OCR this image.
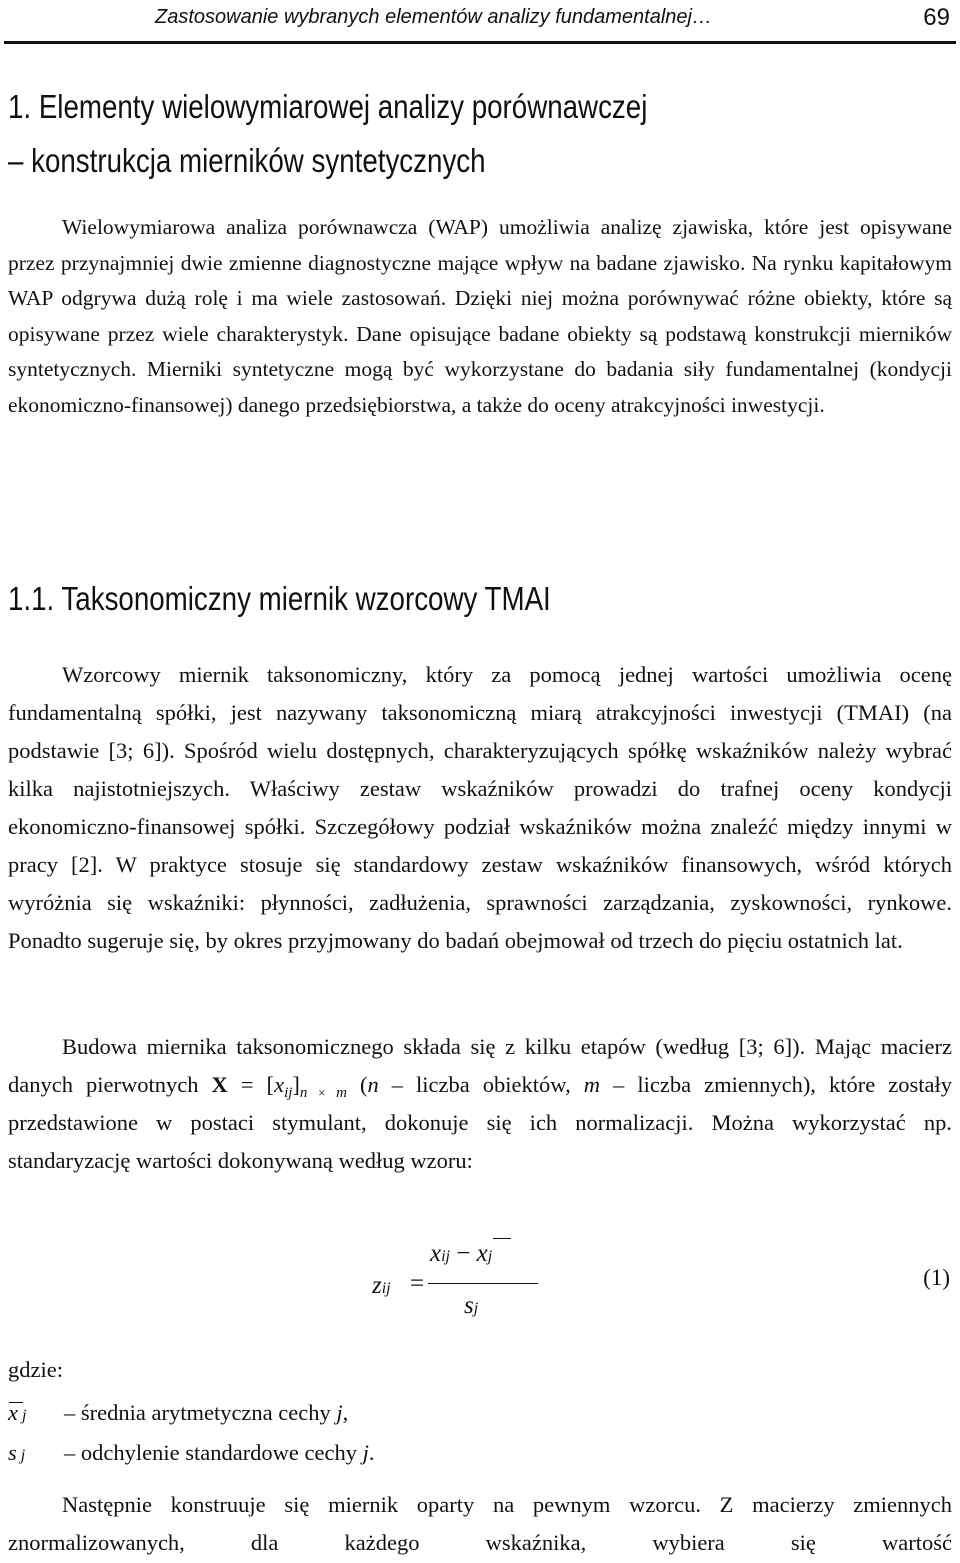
Zastosowanie wybranych elementów analizy fundamentalnej…	69
1. Elementy wielowymiarowej analizy porównawczej
– konstrukcja mierników syntetycznych
Wielowymiarowa analiza porównawcza (WAP) umożliwia analizę zjawiska, które jest opisywane przez przynajmniej dwie zmienne diagnostyczne mające wpływ na badane zjawisko. Na rynku kapitałowym WAP odgrywa dużą rolę i ma wiele zastosowań. Dzięki niej można porównywać różne obiekty, które są opisywane przez wiele charakterystyk. Dane opisujące badane obiekty są podstawą konstrukcji mierników syntetycznych. Mierniki syntetyczne mogą być wykorzystane do badania siły fundamentalnej (kondycji ekonomiczno-finansowej) danego przedsiębiorstwa, a także do oceny atrakcyjności inwestycji.
1.1. Taksonomiczny miernik wzorcowy TMAI
Wzorcowy miernik taksonomiczny, który za pomocą jednej wartości umożliwia ocenę fundamentalną spółki, jest nazywany taksonomiczną miarą atrakcyjności inwestycji (TMAI) (na podstawie [3; 6]). Spośród wielu dostępnych, charakteryzujących spółkę wskaźników należy wybrać kilka najistotniejszych. Właściwy zestaw wskaźników prowadzi do trafnej oceny kondycji ekonomiczno-finansowej spółki. Szczegółowy podział wskaźników można znaleźć między innymi w pracy [2]. W praktyce stosuje się standardowy zestaw wskaźników finansowych, wśród których wyróżnia się wskaźniki: płynności, zadłużenia, sprawności zarządzania, zyskowności, rynkowe. Ponadto sugeruje się, by okres przyjmowany do badań obejmował od trzech do pięciu ostatnich lat.
Budowa miernika taksonomicznego składa się z kilku etapów (według [3; 6]). Mając macierz danych pierwotnych $X = [x_{ij}]_{n \times m}$ (n – liczba obiektów, m – liczba zmiennych), które zostały przedstawione w postaci stymulant, dokonuje się ich normalizacji. Można wykorzystać np. standaryzację wartości dokonywaną według wzoru:
zij =
xij − xj
sj
(1)
gdzie:
x j – średnia arytmetyczna cechy j,
s j – odchylenie standardowe cechy j.
Następnie konstruuje się miernik oparty na pewnym wzorcu. Z macierzy zmiennych znormalizowanych, dla każdego wskaźnika, wybiera się wartość
